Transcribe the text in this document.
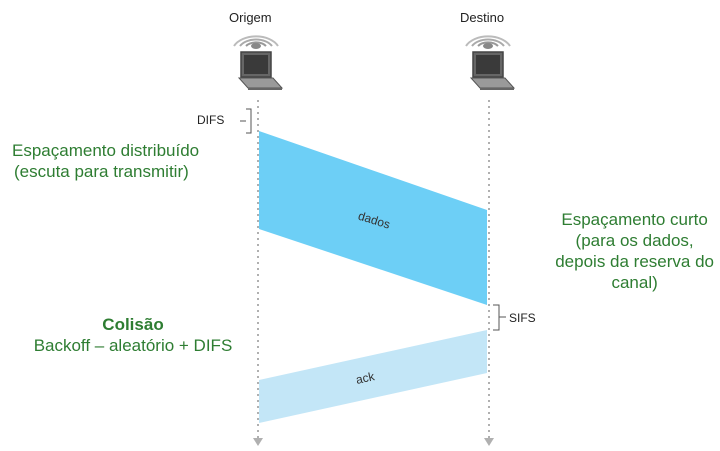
dados
ack
Origem	Destino
DIFS
SIFS
Espaçamento distribuído
(escuta para transmitir)
Espaçamento curto
(para os dados,
depois da reserva do
canal)
Colisão
Backoff – aleatório + DIFS
